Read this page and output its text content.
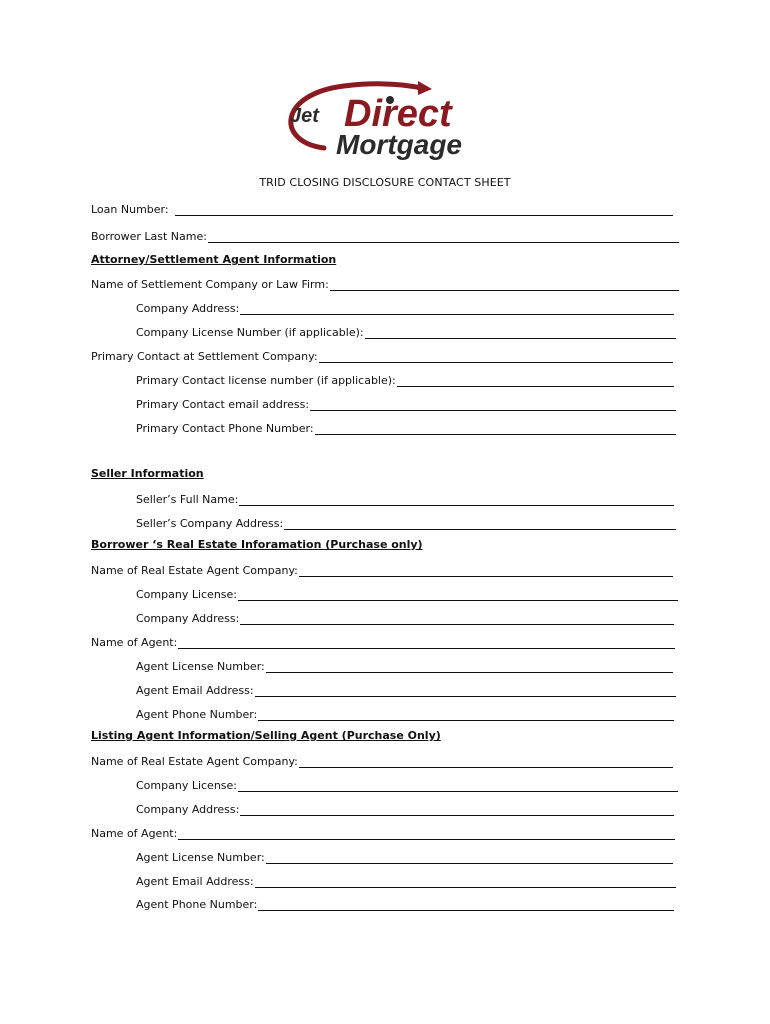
Jet Direct
Mortgage
TRID CLOSING DISCLOSURE CONTACT SHEET
Loan Number:
Borrower Last Name:
Attorney/Settlement Agent Information
Name of Settlement Company or Law Firm:
Company Address:
Company License Number (if applicable):
Primary Contact at Settlement Company:
Primary Contact license number (if applicable):
Primary Contact email address:
Primary Contact Phone Number:
Seller Information
Seller’s Full Name:
Seller’s Company Address:
Borrower ‘s Real Estate Inforamation (Purchase only)
Name of Real Estate Agent Company:
Company License:
Company Address:
Name of Agent:
Agent License Number:
Agent Email Address:
Agent Phone Number:
Listing Agent Information/Selling Agent (Purchase Only)
Name of Real Estate Agent Company:
Company License:
Company Address:
Name of Agent:
Agent License Number:
Agent Email Address:
Agent Phone Number:
